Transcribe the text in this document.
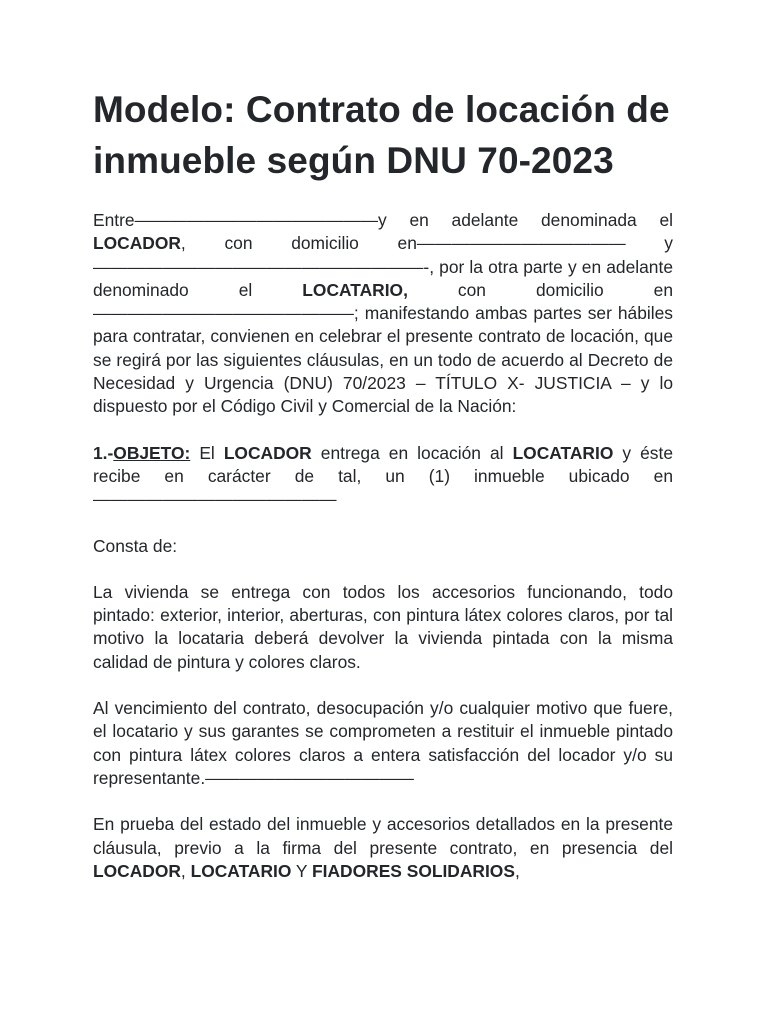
Modelo: Contrato de locación de inmueble según DNU 70-2023

Entre——————————————y en adelante denominada el LOCADOR, con domicilio en———————————— y ———————————————————-, por la otra parte y en adelante denominado el LOCATARIO, con domicilio en———————————————; manifestando ambas partes ser hábiles para contratar, convienen en celebrar el presente contrato de locación, que se regirá por las siguientes cláusulas, en un todo de acuerdo al Decreto de Necesidad y Urgencia (DNU) 70/2023 – TÍTULO X- JUSTICIA – y lo dispuesto por el Código Civil y Comercial de la Nación:

1.-OBJETO: El LOCADOR entrega en locación al LOCATARIO y éste recibe en carácter de tal, un (1) inmueble ubicado en ——————————————

Consta de:

La vivienda se entrega con todos los accesorios funcionando, todo pintado: exterior, interior, aberturas, con pintura látex colores claros, por tal motivo la locataria deberá devolver la vivienda pintada con la misma calidad de pintura y colores claros.

Al vencimiento del contrato, desocupación y/o cualquier motivo que fuere, el locatario y sus garantes se comprometen a restituir el inmueble pintado con pintura látex colores claros a entera satisfacción del locador y/o su representante.————————————

En prueba del estado del inmueble y accesorios detallados en la presente cláusula, previo a la firma del presente contrato, en presencia del LOCADOR, LOCATARIO Y FIADORES SOLIDARIOS,
